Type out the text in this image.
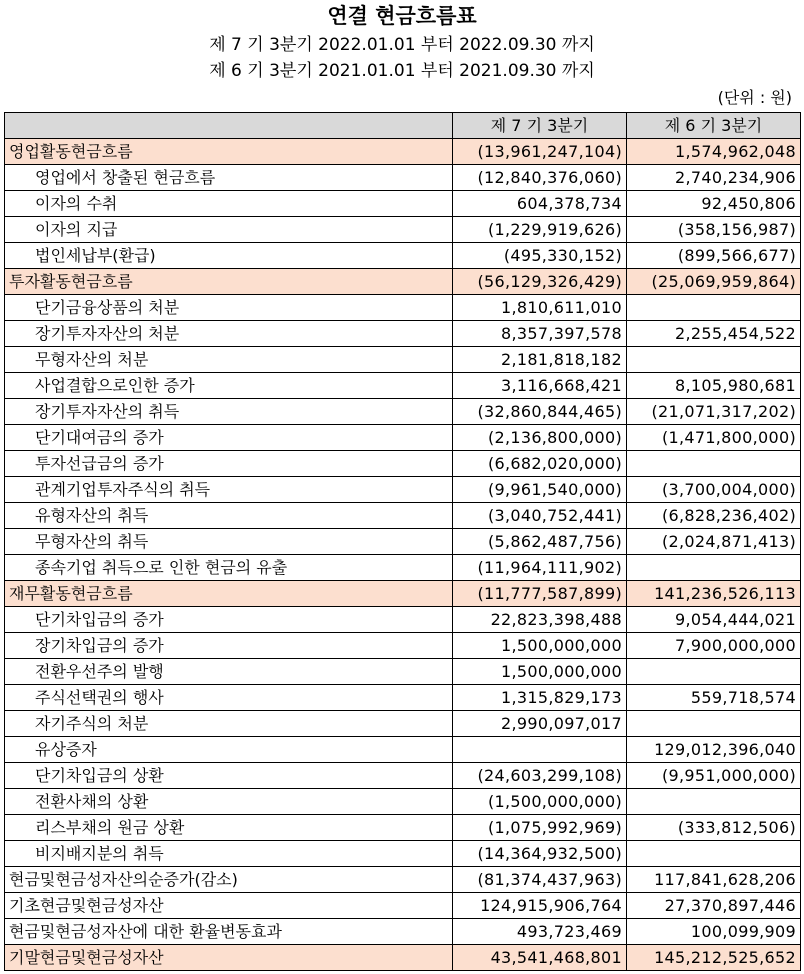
연결 현금흐름표
제 7 기 3분기 2022.01.01 부터 2022.09.30 까지
제 6 기 3분기 2021.01.01 부터 2021.09.30 까지
(단위 : 원)
	제 7 기 3분기	제 6 기 3분기
영업활동현금흐름	(13,961,247,104)	1,574,962,048
영업에서 창출된 현금흐름	(12,840,376,060)	2,740,234,906
이자의 수취	604,378,734	92,450,806
이자의 지급	(1,229,919,626)	(358,156,987)
법인세납부(환급)	(495,330,152)	(899,566,677)
투자활동현금흐름	(56,129,326,429)	(25,069,959,864)
단기금융상품의 처분	1,810,611,010	
장기투자자산의 처분	8,357,397,578	2,255,454,522
무형자산의 처분	2,181,818,182	
사업결합으로인한 증가	3,116,668,421	8,105,980,681
장기투자자산의 취득	(32,860,844,465)	(21,071,317,202)
단기대여금의 증가	(2,136,800,000)	(1,471,800,000)
투자선급금의 증가	(6,682,020,000)	
관계기업투자주식의 취득	(9,961,540,000)	(3,700,004,000)
유형자산의 취득	(3,040,752,441)	(6,828,236,402)
무형자산의 취득	(5,862,487,756)	(2,024,871,413)
종속기업 취득으로 인한 현금의 유출	(11,964,111,902)	
재무활동현금흐름	(11,777,587,899)	141,236,526,113
단기차입금의 증가	22,823,398,488	9,054,444,021
장기차입금의 증가	1,500,000,000	7,900,000,000
전환우선주의 발행	1,500,000,000	
주식선택권의 행사	1,315,829,173	559,718,574
자기주식의 처분	2,990,097,017	
유상증자		129,012,396,040
단기차입금의 상환	(24,603,299,108)	(9,951,000,000)
전환사채의 상환	(1,500,000,000)	
리스부채의 원금 상환	(1,075,992,969)	(333,812,506)
비지배지분의 취득	(14,364,932,500)	
현금및현금성자산의순증가(감소)	(81,374,437,963)	117,841,628,206
기초현금및현금성자산	124,915,906,764	27,370,897,446
현금및현금성자산에 대한 환율변동효과	493,723,469	100,099,909
기말현금및현금성자산	43,541,468,801	145,212,525,652
